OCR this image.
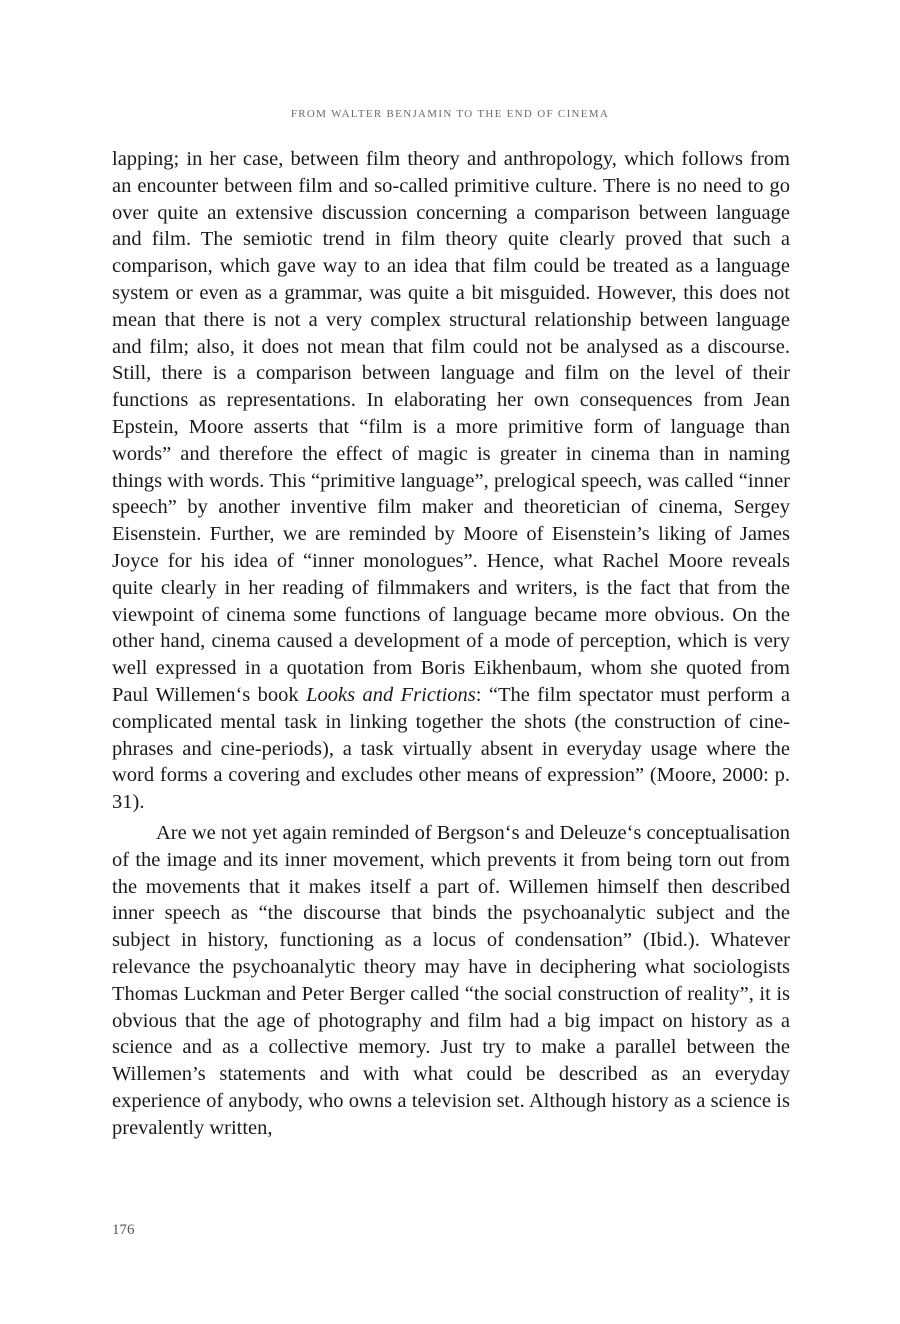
FROM WALTER BENJAMIN TO THE END OF CINEMA

lapping; in her case, between film theory and anthropology, which follows from an encounter between film and so-called primitive culture. There is no need to go over quite an extensive discussion concerning a comparison between language and film. The semiotic trend in film theory quite clearly proved that such a comparison, which gave way to an idea that film could be treated as a language system or even as a grammar, was quite a bit misguided. However, this does not mean that there is not a very complex structural relationship between language and film; also, it does not mean that film could not be analysed as a discourse. Still, there is a comparison between language and film on the level of their functions as representations. In elaborating her own consequences from Jean Epstein, Moore asserts that “film is a more primitive form of language than words” and therefore the effect of magic is greater in cinema than in naming things with words. This “primitive language”, prelogical speech, was called “inner speech” by another inventive film maker and theoretician of cinema, Sergey Eisenstein. Further, we are reminded by Moore of Eisenstein’s liking of James Joyce for his idea of “inner monologues”. Hence, what Rachel Moore reveals quite clearly in her reading of filmmakers and writers, is the fact that from the viewpoint of cinema some functions of language became more obvious. On the other hand, cinema caused a development of a mode of perception, which is very well expressed in a quotation from Boris Eikhenbaum, whom she quoted from Paul Willemen‘s book Looks and Frictions: “The film spectator must perform a complicated mental task in linking together the shots (the construction of cine-phrases and cine-periods), a task virtually absent in everyday usage where the word forms a covering and excludes other means of expression” (Moore, 2000: p. 31).

Are we not yet again reminded of Bergson‘s and Deleuze‘s conceptualisation of the image and its inner movement, which prevents it from being torn out from the movements that it makes itself a part of. Willemen himself then described inner speech as “the discourse that binds the psychoanalytic subject and the subject in history, functioning as a locus of condensation” (Ibid.). Whatever relevance the psychoanalytic theory may have in deciphering what sociologists Thomas Luckman and Peter Berger called “the social construction of reality”, it is obvious that the age of photography and film had a big impact on history as a science and as a collective memory. Just try to make a parallel between the Willemen’s statements and with what could be described as an everyday experience of anybody, who owns a television set. Although history as a science is prevalently written,

176
